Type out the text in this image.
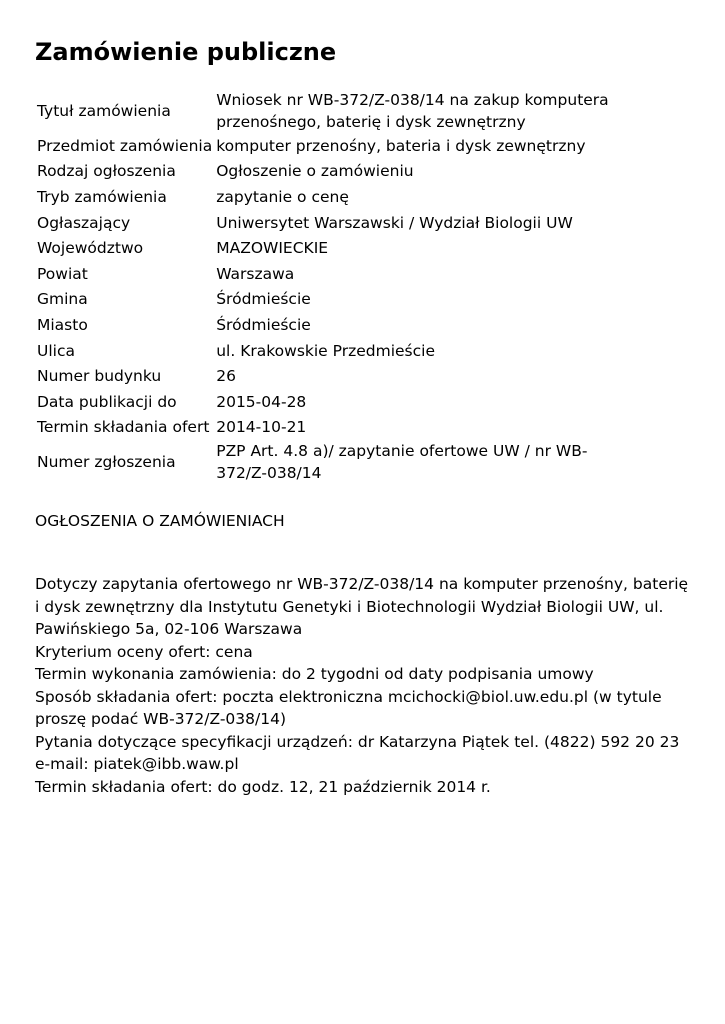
Zamówienie publiczne
Tytuł zamówienia	Wniosek nr WB-372/Z-038/14 na zakup komputera przenośnego, baterię i dysk zewnętrzny
Przedmiot zamówienia	komputer przenośny, bateria i dysk zewnętrzny
Rodzaj ogłoszenia	Ogłoszenie o zamówieniu
Tryb zamówienia	zapytanie o cenę
Ogłaszający	Uniwersytet Warszawski / Wydział Biologii UW
Województwo	MAZOWIECKIE
Powiat	Warszawa
Gmina	Śródmieście
Miasto	Śródmieście
Ulica	ul. Krakowskie Przedmieście
Numer budynku	26
Data publikacji do	2015-04-28
Termin składania ofert	2014-10-21
Numer zgłoszenia	PZP Art. 4.8 a)/ zapytanie ofertowe UW / nr WB-372/Z-038/14
OGŁOSZENIA O ZAMÓWIENIACH

Dotyczy zapytania ofertowego nr WB-372/Z-038/14 na komputer przenośny, baterię i dysk zewnętrzny dla Instytutu Genetyki i Biotechnologii Wydział Biologii UW, ul. Pawińskiego 5a, 02-106 Warszawa

Kryterium oceny ofert: cena

Termin wykonania zamówienia: do 2 tygodni od daty podpisania umowy

Sposób składania ofert: poczta elektroniczna mcichocki@biol.uw.edu.pl (w tytule proszę podać WB-372/Z-038/14)

Pytania dotyczące specyfikacji urządzeń: dr Katarzyna Piątek tel. (4822) 592 20 23 e-mail: piatek@ibb.waw.pl

Termin składania ofert: do godz. 12, 21 październik 2014 r.
